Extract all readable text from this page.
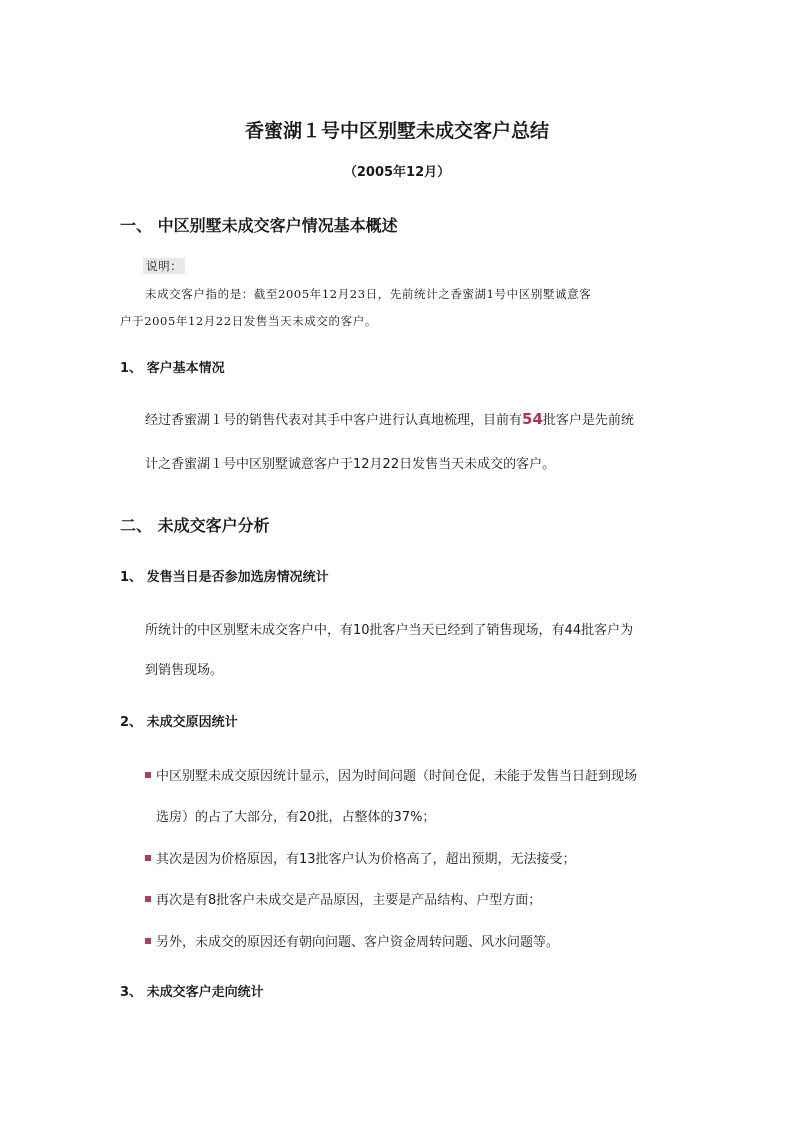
香蜜湖１号中区别墅未成交客户总结
（2005年12月）
一、 中区别墅未成交客户情况基本概述
说明：
未成交客户指的是：截至2005年12月23日，先前统计之香蜜湖1号中区别墅诚意客
户于2005年12月22日发售当天未成交的客户。
1、 客户基本情况
经过香蜜湖１号的销售代表对其手中客户进行认真地梳理，目前有54批客户是先前统
计之香蜜湖１号中区别墅诚意客户于12月22日发售当天未成交的客户。
二、 未成交客户分析
1、 发售当日是否参加选房情况统计
所统计的中区别墅未成交客户中，有10批客户当天已经到了销售现场，有44批客户为
到销售现场。
2、 未成交原因统计
中区别墅未成交原因统计显示，因为时间问题（时间仓促，未能于发售当日赶到现场
选房）的占了大部分，有20批，占整体的37%；
其次是因为价格原因，有13批客户认为价格高了，超出预期，无法接受；
再次是有8批客户未成交是产品原因，主要是产品结构、户型方面；
另外，未成交的原因还有朝向问题、客户资金周转问题、风水问题等。
3、 未成交客户走向统计
